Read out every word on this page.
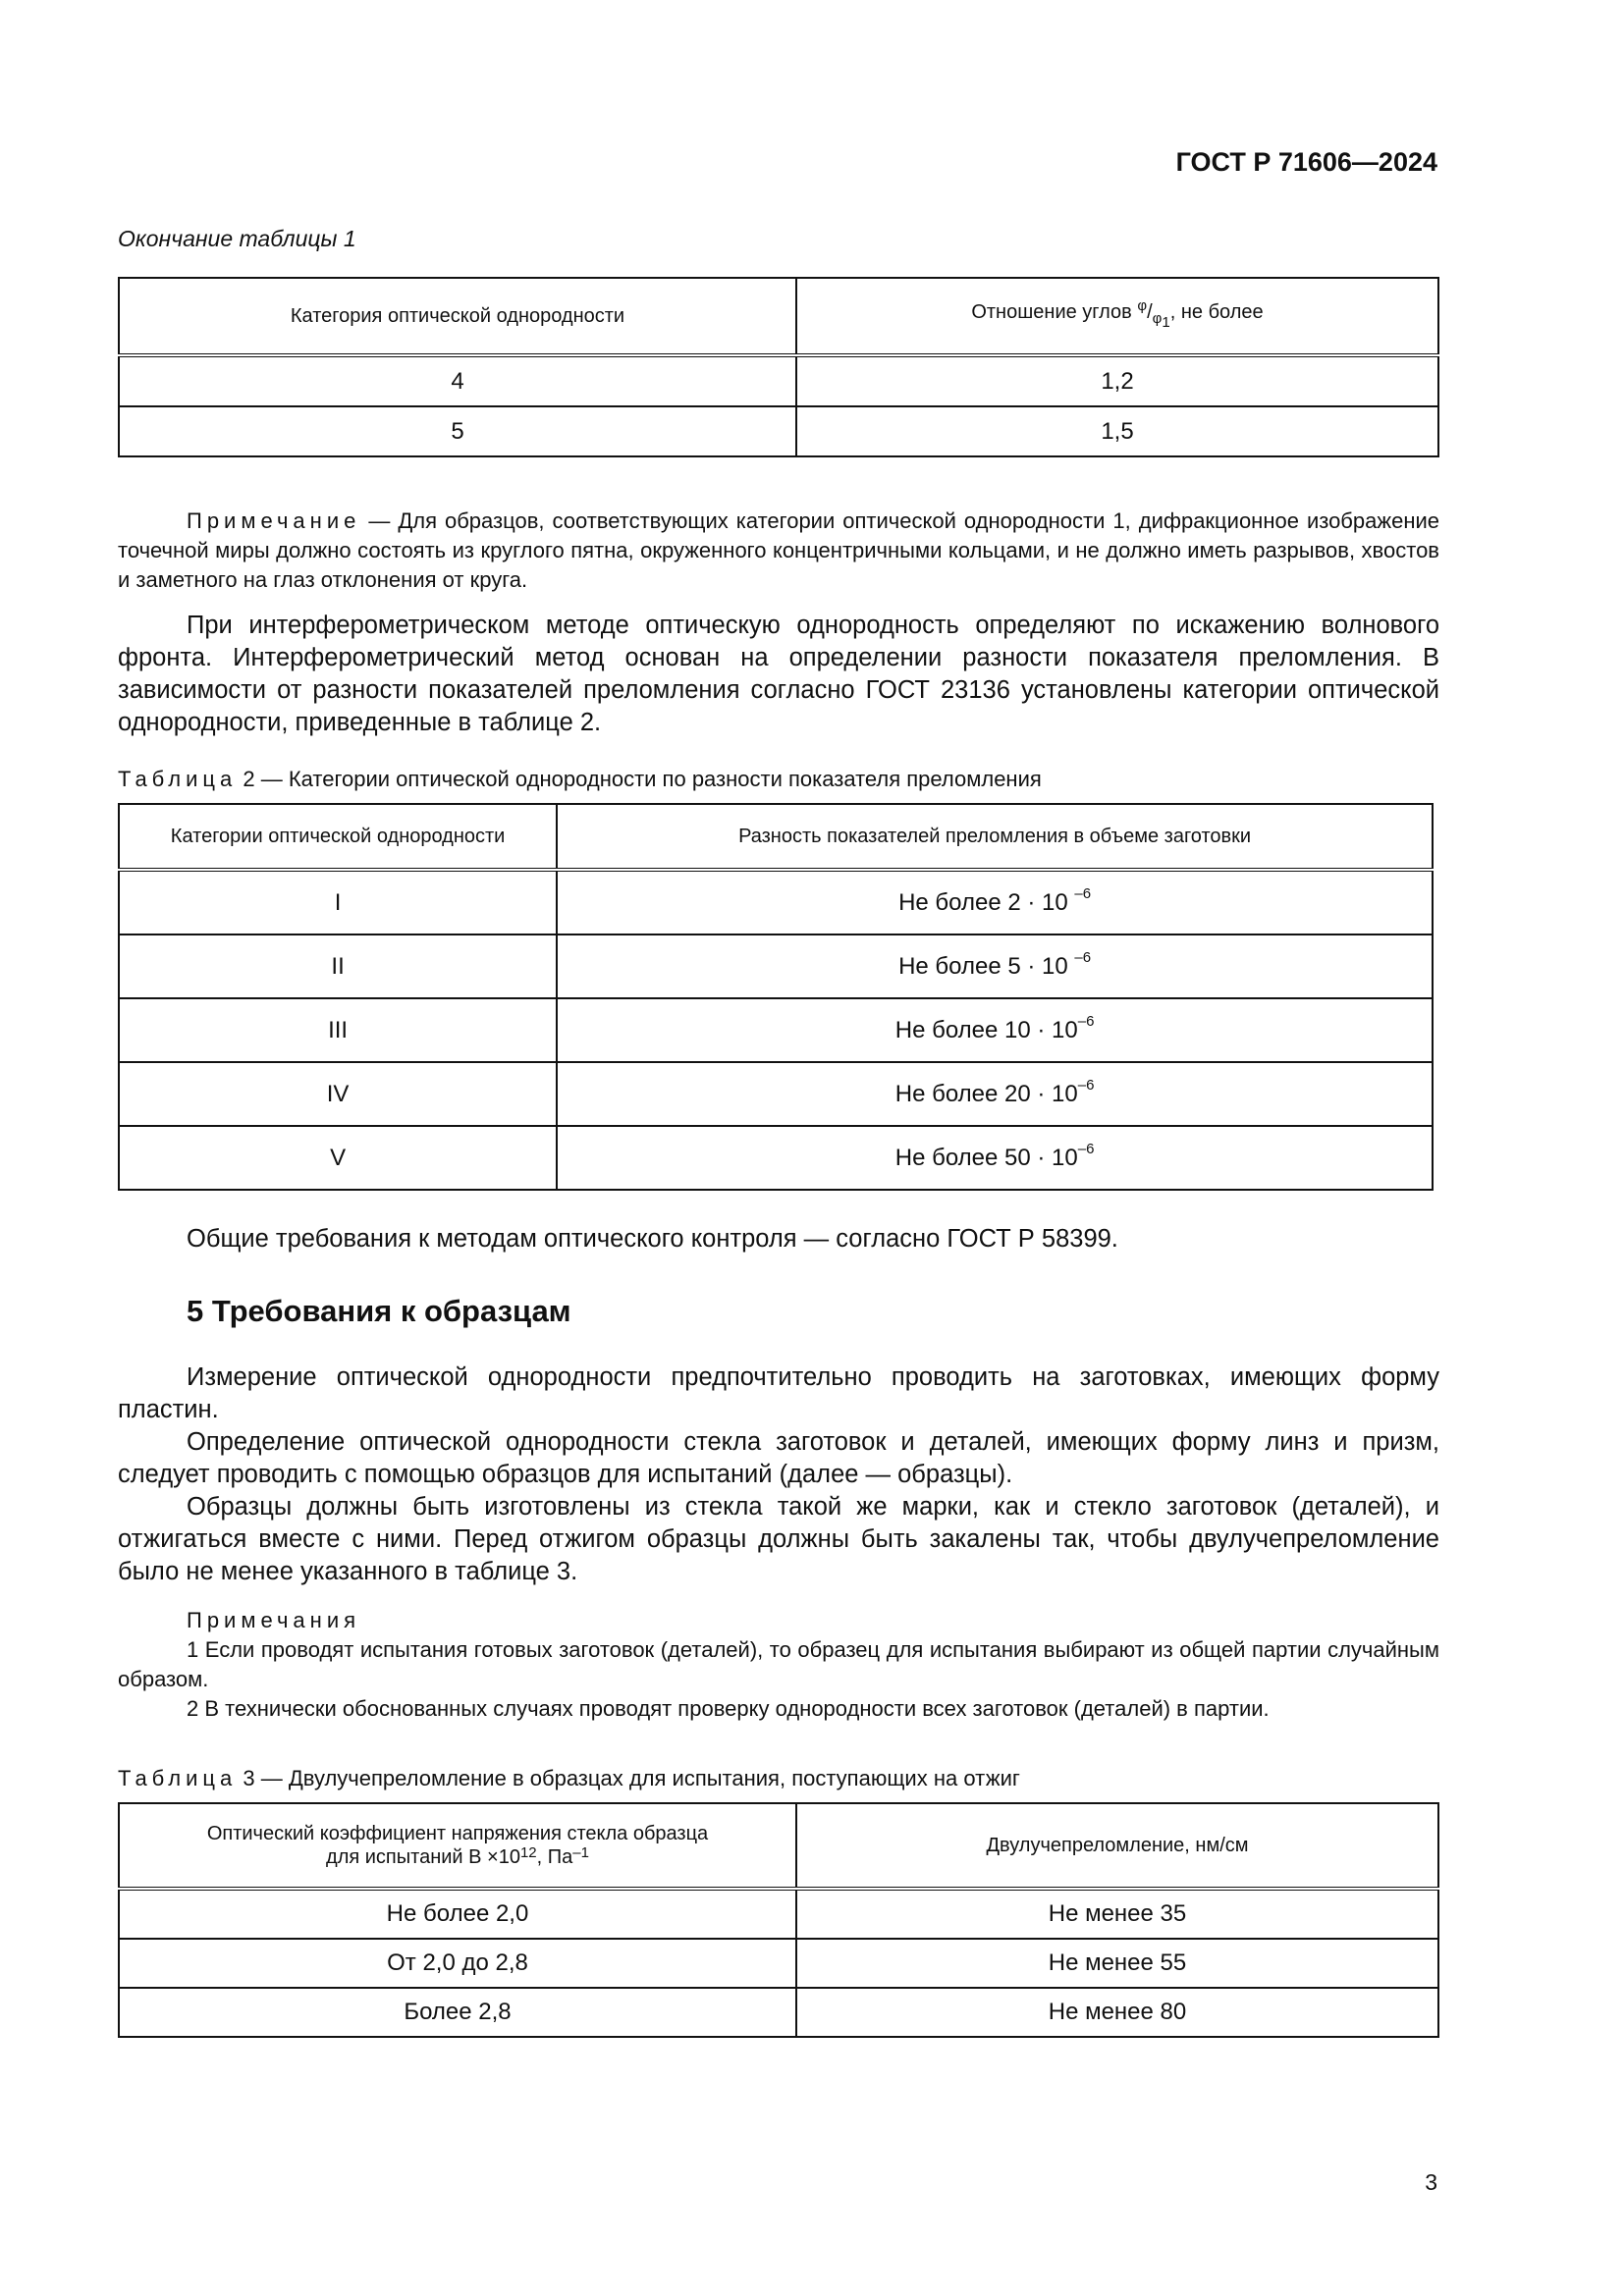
ГОСТ Р 71606—2024
Окончание таблицы 1
Категория оптической однородности	Отношение углов $^\varphi/_{\varphi_1}$, не более
4	1,2
5	1,5

Примечание — Для образцов, соответствующих категории оптической однородности 1, дифракционное изображение точечной миры должно состоять из круглого пятна, окруженного концентричными кольцами, и не должно иметь разрывов, хвостов и заметного на глаз отклонения от круга.

При интерферометрическом методе оптическую однородность определяют по искажению волнового фронта. Интерферометрический метод основан на определении разности показателя преломления. В зависимости от разности показателей преломления согласно ГОСТ 23136 установлены категории оптической однородности, приведенные в таблице 2.

Таблица 2 — Категории оптической однородности по разности показателя преломления
Категории оптической однородности	Разность показателей преломления в объеме заготовки
I	Не более 2 · 10 $^{-6}$
II	Не более 5 · 10 $^{-6}$
III	Не более $10 \cdot 10^{-6}$
IV	Не более $20 \cdot 10^{-6}$
V	Не более $50 \cdot 10^{-6}$

Общие требования к методам оптического контроля — согласно ГОСТ Р 58399.

5 Требования к образцам

Измерение оптической однородности предпочтительно проводить на заготовках, имеющих форму пластин.

Определение оптической однородности стекла заготовок и деталей, имеющих форму линз и призм, следует проводить с помощью образцов для испытаний (далее — образцы).

Образцы должны быть изготовлены из стекла такой же марки, как и стекло заготовок (деталей), и отжигаться вместе с ними. Перед отжигом образцы должны быть закалены так, чтобы двулучепреломление было не менее указанного в таблице 3.

Примечания

1 Если проводят испытания готовых заготовок (деталей), то образец для испытания выбирают из общей партии случайным образом.

2 В технически обоснованных случаях проводят проверку однородности всех заготовок (деталей) в партии.

Таблица 3 — Двулучепреломление в образцах для испытания, поступающих на отжиг
Оптический коэффициент напряжения стекла образца
для испытаний $B \times 10^{12}$, $Па^{-1}$	Двулучепреломление, нм/см
Не более 2,0	Не менее 35
От 2,0 до 2,8	Не менее 55
Более 2,8	Не менее 80
3
